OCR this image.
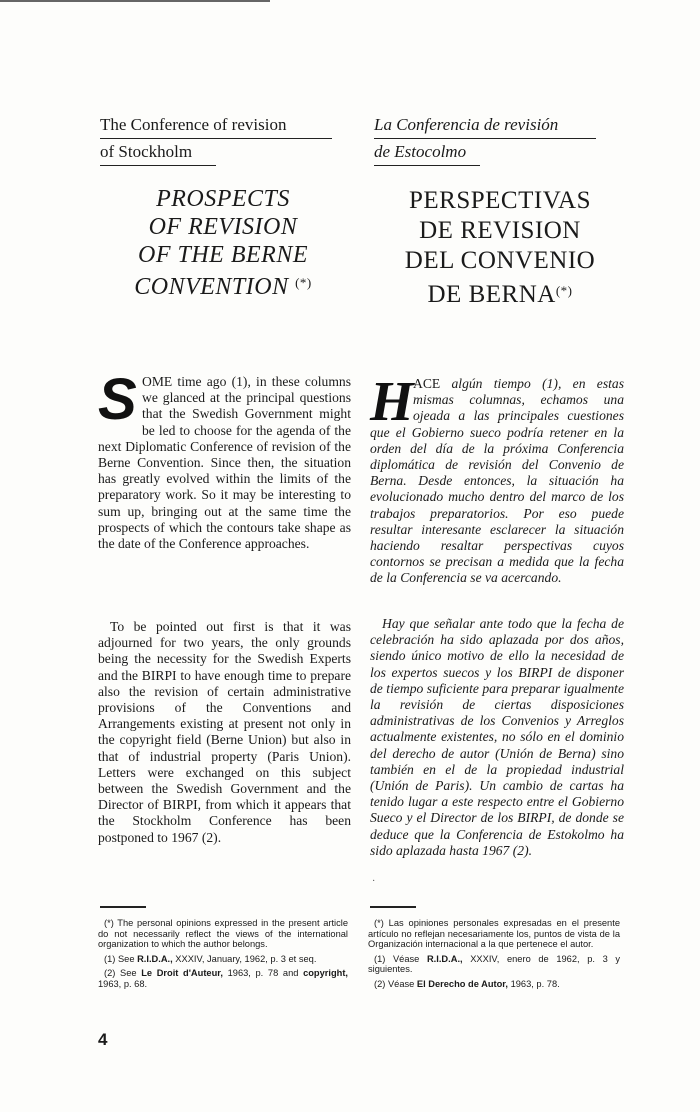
The Conference of revision
of Stockholm
La Conferencia de revisión
de Estocolmo
PROSPECTS
OF REVISION
OF THE BERNE
CONVENTION (*)
PERSPECTIVAS
DE REVISION
DEL CONVENIO
DE BERNA(*)
SOME time ago (1), in these columns we glanced at the principal questions that the Swedish Government might be led to choose for the agenda of the next Diplomatic Conference of revision of the Berne Convention. Since then, the situation has greatly evolved within the limits of the preparatory work. So it may be interesting to sum up, bringing out at the same time the prospects of which the contours take shape as the date of the Conference approaches.
To be pointed out first is that it was adjourned for two years, the only grounds being the necessity for the Swedish Experts and the BIRPI to have enough time to prepare also the revision of certain administrative provisions of the Conventions and Arrangements existing at present not only in the copyright field (Berne Union) but also in that of industrial property (Paris Union). Letters were exchanged on this subject between the Swedish Government and the Director of BIRPI, from which it appears that the Stockholm Conference has been postponed to 1967 (2).
HACE algún tiempo (1), en estas mismas columnas, echamos una ojeada a las principales cuestiones que el Gobierno sueco podría retener en la orden del día de la próxima Conferencia diplomática de revisión del Convenio de Berna. Desde entonces, la situación ha evolucionado mucho dentro del marco de los trabajos preparatorios. Por eso puede resultar interesante esclarecer la situación haciendo resaltar perspectivas cuyos contornos se precisan a medida que la fecha de la Conferencia se va acercando.
Hay que señalar ante todo que la fecha de celebración ha sido aplazada por dos años, siendo único motivo de ello la necesidad de los expertos suecos y los BIRPI de disponer de tiempo suficiente para preparar igualmente la revisión de ciertas disposiciones administrativas de los Convenios y Arreglos actualmente existentes, no sólo en el dominio del derecho de autor (Unión de Berna) sino también en el de la propiedad industrial (Unión de Paris). Un cambio de cartas ha tenido lugar a este respecto entre el Gobierno Sueco y el Director de los BIRPI, de donde se deduce que la Conferencia de Estokolmo ha sido aplazada hasta 1967 (2).
·

(*) The personal opinions expressed in the present article do not necessarily reflect the views of the international organization to which the author belongs.

(1) See R.I.D.A., XXXIV, January, 1962, p. 3 et seq.

(2) See Le Droit d'Auteur, 1963, p. 78 and copyright, 1963, p. 68.

(*) Las opiniones personales expresadas en el presente artículo no reflejan necesariamente los, puntos de vista de la Organización internacional a la que pertenece el autor.

(1) Véase R.I.D.A., XXXIV, enero de 1962, p. 3 y siguientes.

(2) Véase El Derecho de Autor, 1963, p. 78.

4
